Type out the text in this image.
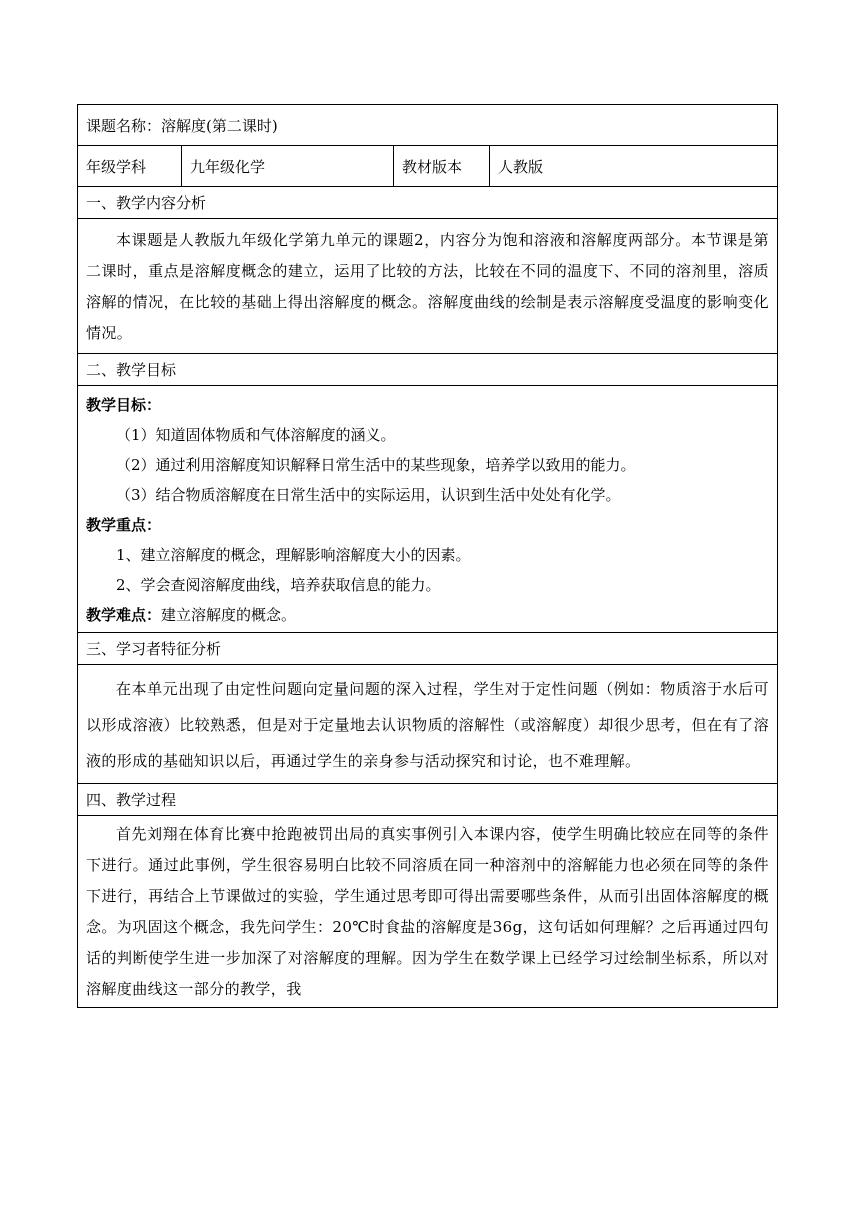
课题名称：溶解度(第二课时)
年级学科	九年级化学	教材版本	人教版
一、教学内容分析
本课题是人教版九年级化学第九单元的课题2，内容分为饱和溶液和溶解度两部分。本节课是第二课时，重点是溶解度概念的建立，运用了比较的方法，比较在不同的温度下、不同的溶剂里，溶质溶解的情况，在比较的基础上得出溶解度的概念。溶解度曲线的绘制是表示溶解度受温度的影响变化情况。
二、教学目标

教学目标：
（1）知道固体物质和气体溶解度的涵义。
（2）通过利用溶解度知识解释日常生活中的某些现象，培养学以致用的能力。
（3）结合物质溶解度在日常生活中的实际运用，认识到生活中处处有化学。
教学重点：
1、建立溶解度的概念，理解影响溶解度大小的因素。
2、学会查阅溶解度曲线，培养获取信息的能力。
教学难点：建立溶解度的概念。

三、学习者特征分析
在本单元出现了由定性问题向定量问题的深入过程，学生对于定性问题（例如：物质溶于水后可以形成溶液）比较熟悉，但是对于定量地去认识物质的溶解性（或溶解度）却很少思考，但在有了溶液的形成的基础知识以后，再通过学生的亲身参与活动探究和讨论，也不难理解。
四、教学过程
首先刘翔在体育比赛中抢跑被罚出局的真实事例引入本课内容，使学生明确比较应在同等的条件下进行。通过此事例，学生很容易明白比较不同溶质在同一种溶剂中的溶解能力也必须在同等的条件下进行，再结合上节课做过的实验，学生通过思考即可得出需要哪些条件，从而引出固体溶解度的概念。为巩固这个概念，我先问学生：20℃时食盐的溶解度是36g，这句话如何理解？之后再通过四句话的判断使学生进一步加深了对溶解度的理解。因为学生在数学课上已经学习过绘制坐标系，所以对溶解度曲线这一部分的教学，我
